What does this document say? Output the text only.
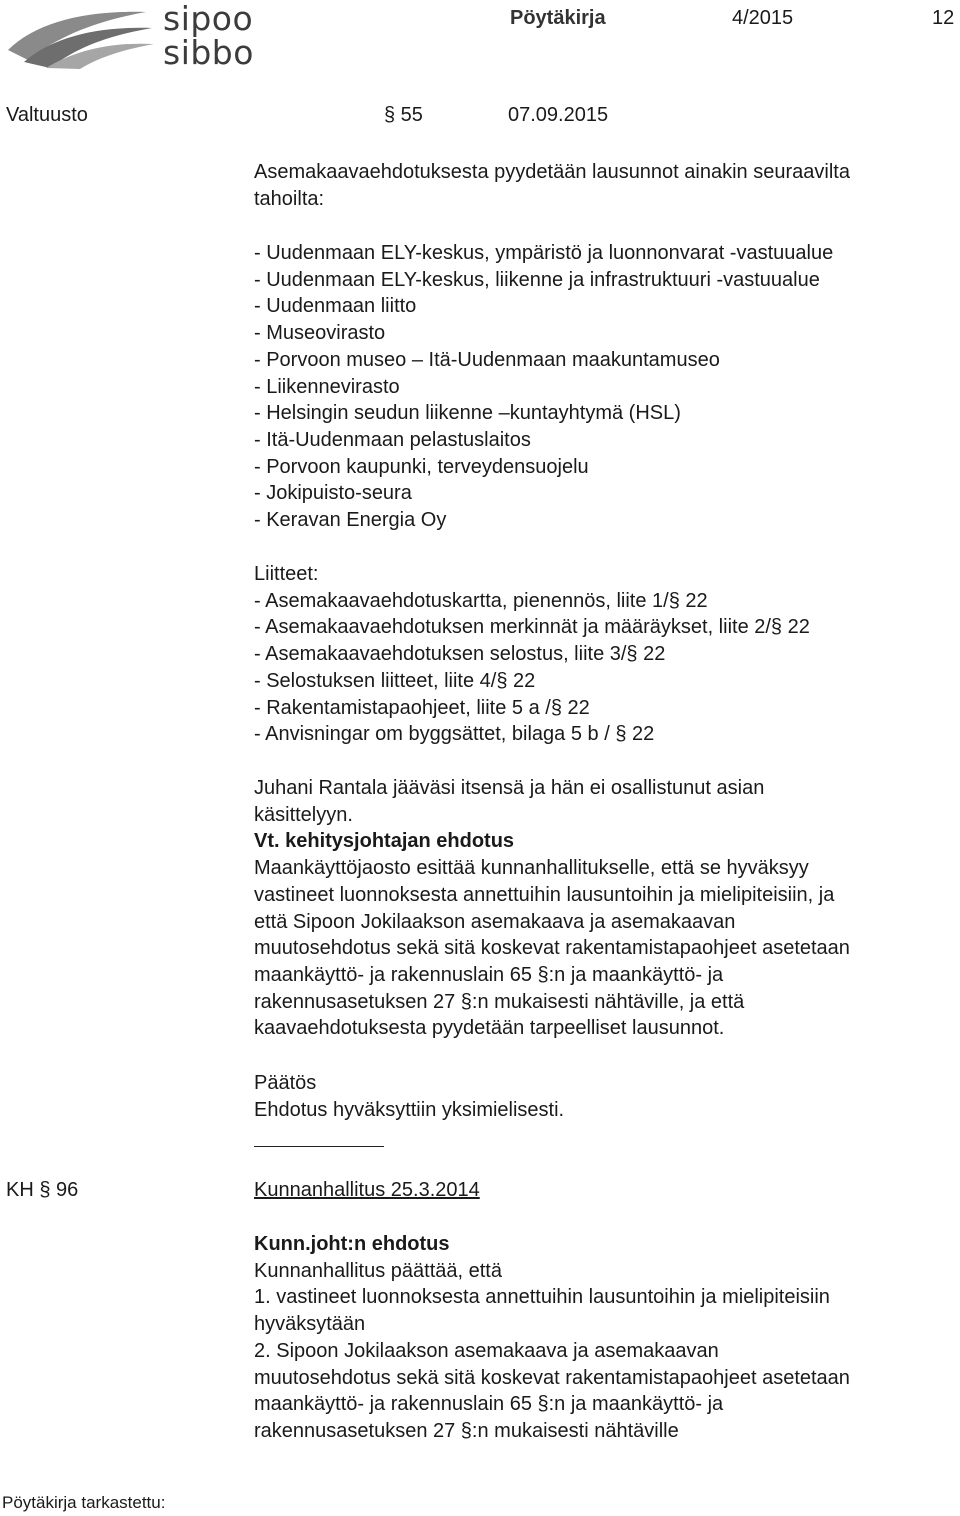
sipoo
sibbo
Pöytäkirja	4/2015	12
Valtuusto	§ 55	07.09.2015
Asemakaavaehdotuksesta pyydetään lausunnot ainakin seuraavilta
tahoilta:
- Uudenmaan ELY-keskus, ympäristö ja luonnonvarat -vastuualue
- Uudenmaan ELY-keskus, liikenne ja infrastruktuuri -vastuualue
- Uudenmaan liitto
- Museovirasto
- Porvoon museo – Itä-Uudenmaan maakuntamuseo
- Liikennevirasto
- Helsingin seudun liikenne –kuntayhtymä (HSL)
- Itä-Uudenmaan pelastuslaitos
- Porvoon kaupunki, terveydensuojelu
- Jokipuisto-seura
- Keravan Energia Oy
Liitteet:
- Asemakaavaehdotuskartta, pienennös, liite 1/§ 22
- Asemakaavaehdotuksen merkinnät ja määräykset, liite 2/§ 22
- Asemakaavaehdotuksen selostus, liite 3/§ 22
- Selostuksen liitteet, liite 4/§ 22
- Rakentamistapaohjeet, liite 5 a /§ 22
- Anvisningar om byggsättet, bilaga 5 b / § 22
Juhani Rantala jääväsi itsensä ja hän ei osallistunut asian
käsittelyyn.
Vt. kehitysjohtajan ehdotus
Maankäyttöjaosto esittää kunnanhallitukselle, että se hyväksyy
vastineet luonnoksesta annettuihin lausuntoihin ja mielipiteisiin, ja
että Sipoon Jokilaakson asemakaava ja asemakaavan
muutosehdotus sekä sitä koskevat rakentamistapaohjeet asetetaan
maankäyttö- ja rakennuslain 65 §:n ja maankäyttö- ja
rakennusasetuksen 27 §:n mukaisesti nähtäville, ja että
kaavaehdotuksesta pyydetään tarpeelliset lausunnot.
Päätös
Ehdotus hyväksyttiin yksimielisesti.
KH § 96	Kunnanhallitus 25.3.2014
Kunn.joht:n ehdotus
Kunnanhallitus päättää, että
1. vastineet luonnoksesta annettuihin lausuntoihin ja mielipiteisiin
hyväksytään
2. Sipoon Jokilaakson asemakaava ja asemakaavan
muutosehdotus sekä sitä koskevat rakentamistapaohjeet asetetaan
maankäyttö- ja rakennuslain 65 §:n ja maankäyttö- ja
rakennusasetuksen 27 §:n mukaisesti nähtäville
Pöytäkirja tarkastettu:
